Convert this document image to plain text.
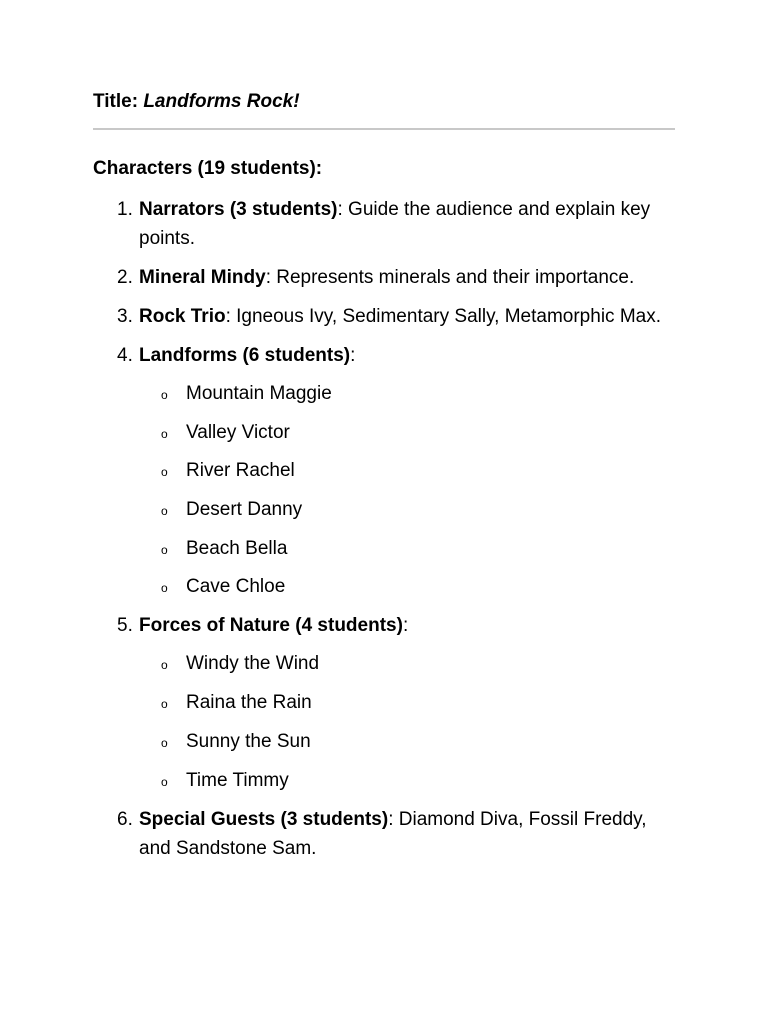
Title: Landforms Rock!

Characters (19 students):

1. Narrators (3 students): Guide the audience and explain key points.
2. Mineral Mindy: Represents minerals and their importance.
3. Rock Trio: Igneous Ivy, Sedimentary Sally, Metamorphic Max.
4. Landforms (6 students):
o Mountain Maggie
o Valley Victor
o River Rachel
o Desert Danny
o Beach Bella
o Cave Chloe
5. Forces of Nature (4 students):
o Windy the Wind
o Raina the Rain
o Sunny the Sun
o Time Timmy
6. Special Guests (3 students): Diamond Diva, Fossil Freddy, and Sandstone Sam.
